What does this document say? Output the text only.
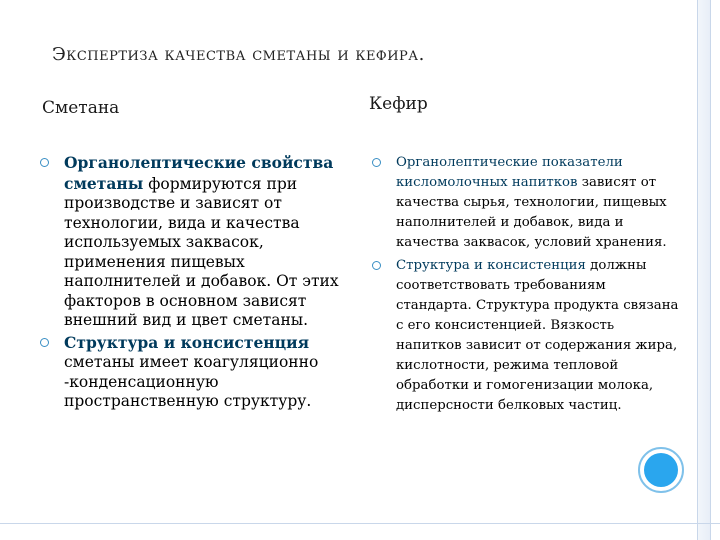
Экспертиза качества сметаны и кефира.
Сметана	Кефир
Органолептические свойства сметаны формируются при производстве и зависят от технологии, вида и качества используемых заквасок, применения пищевых наполнителей и добавок. От этих факторов в основном зависят внешний вид и цвет сметаны.
Структура и консистенция сметаны имеет коагуляционно -конденсационную пространственную структуру.
Органолептические показатели кисломолочных напитков зависят от качества сырья, технологии, пищевых наполнителей и добавок, вида и качества заквасок, условий хранения.
Структура и консистенция должны соответствовать требованиям стандарта. Структура продукта связана с его консистенцией. Вязкость напитков зависит от содержания жира, кислотности, режима тепловой обработки и гомогенизации молока, дисперсности белковых частиц.
